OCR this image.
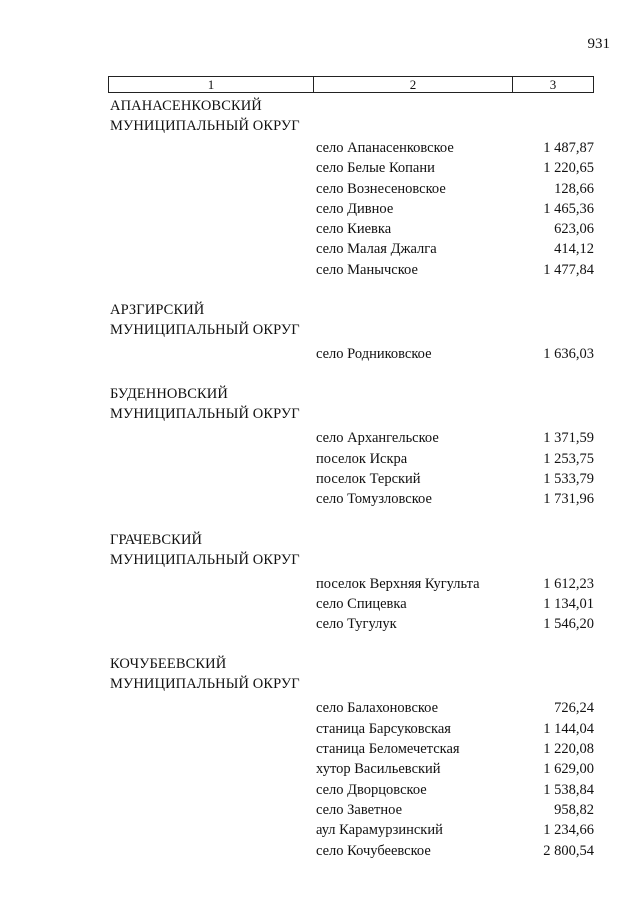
931
1	2	3
АПАНАСЕНКОВСКИЙ
МУНИЦИПАЛЬНЫЙ ОКРУГ
село Апанасенковское	1 487,87
село Белые Копани	1 220,65
село Вознесеновское	128,66
село Дивное	1 465,36
село Киевка	623,06
село Малая Джалга	414,12
село Манычское	1 477,84
АРЗГИРСКИЙ
МУНИЦИПАЛЬНЫЙ ОКРУГ
село Родниковское	1 636,03
БУДЕННОВСКИЙ
МУНИЦИПАЛЬНЫЙ ОКРУГ
село Архангельское	1 371,59
поселок Искра	1 253,75
поселок Терский	1 533,79
село Томузловское	1 731,96
ГРАЧЕВСКИЙ
МУНИЦИПАЛЬНЫЙ ОКРУГ
поселок Верхняя Кугульта	1 612,23
село Спицевка	1 134,01
село Тугулук	1 546,20
КОЧУБЕЕВСКИЙ
МУНИЦИПАЛЬНЫЙ ОКРУГ
село Балахоновское	726,24
станица Барсуковская	1 144,04
станица Беломечетская	1 220,08
хутор Васильевский	1 629,00
село Дворцовское	1 538,84
село Заветное	958,82
аул Карамурзинский	1 234,66
село Кочубеевское	2 800,54
